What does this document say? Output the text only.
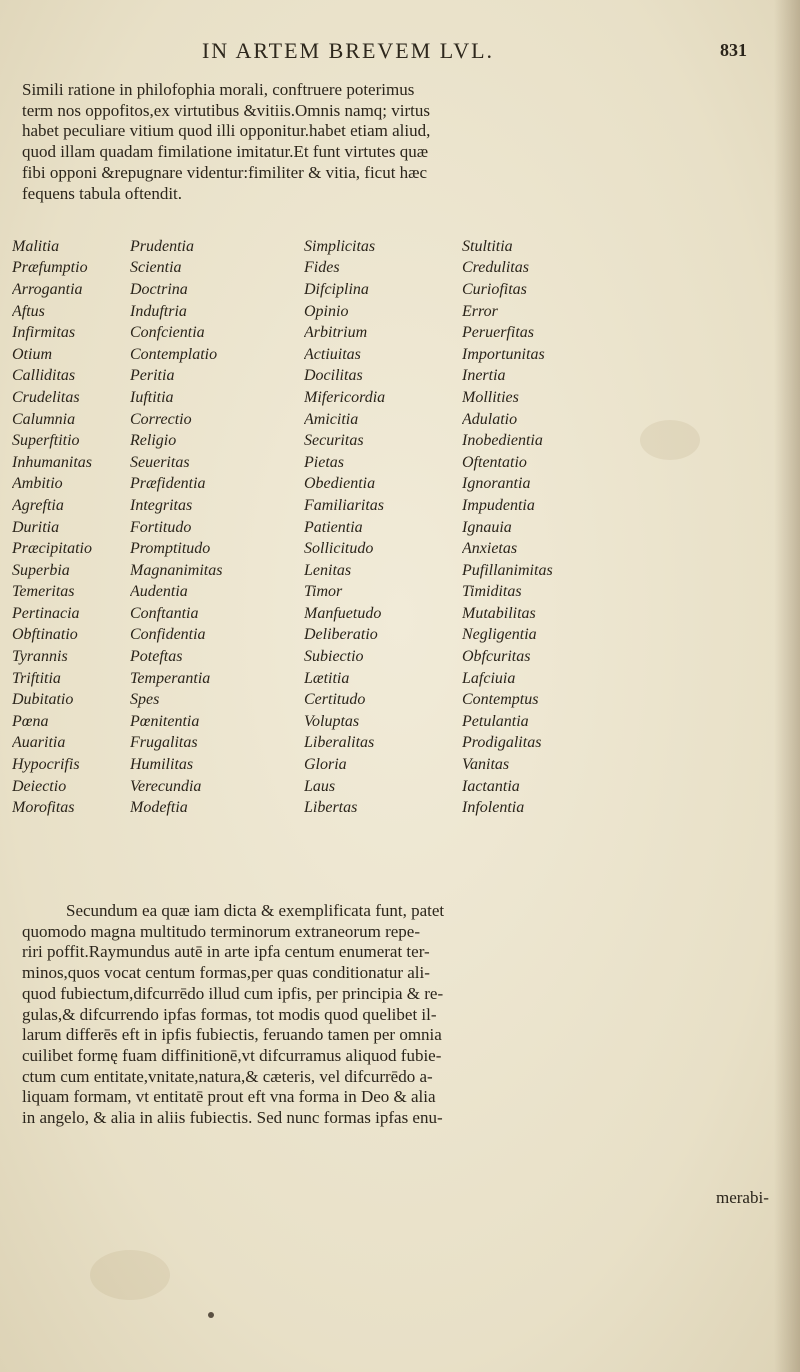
IN ARTEM BREVEM LVL.	831
Simili ratione in philofophia morali, conftruere poterimus
term nos oppofitos,ex virtutibus &vitiis.Omnis namq; virtus
habet peculiare vitium quod illi opponitur.habet etiam aliud,
quod illam quadam fimilatione imitatur.Et funt virtutes quæ
fibi opponi &repugnare videntur:fimiliter & vitia, ficut hæc
fequens tabula oftendit.
Malitia	Prudentia	Simplicitas	Stultitia
Præfumptio	Scientia	Fides	Credulitas
Arrogantia	Doctrina	Difciplina	Curiofitas
Aftus	Induftria	Opinio	Error
Infirmitas	Confcientia	Arbitrium	Peruerfitas
Otium	Contemplatio	Actiuitas	Importunitas
Calliditas	Peritia	Docilitas	Inertia
Crudelitas	Iuftitia	Mifericordia	Mollities
Calumnia	Correctio	Amicitia	Adulatio
Superftitio	Religio	Securitas	Inobedientia
Inhumanitas	Seueritas	Pietas	Oftentatio
Ambitio	Præfidentia	Obedientia	Ignorantia
Agreftia	Integritas	Familiaritas	Impudentia
Duritia	Fortitudo	Patientia	Ignauia
Præcipitatio	Promptitudo	Sollicitudo	Anxietas
Superbia	Magnanimitas	Lenitas	Pufillanimitas
Temeritas	Audentia	Timor	Timiditas
Pertinacia	Conftantia	Manfuetudo	Mutabilitas
Obftinatio	Confidentia	Deliberatio	Negligentia
Tyrannis	Poteftas	Subiectio	Obfcuritas
Triftitia	Temperantia	Lætitia	Lafciuia
Dubitatio	Spes	Certitudo	Contemptus
Pœna	Pœnitentia	Voluptas	Petulantia
Auaritia	Frugalitas	Liberalitas	Prodigalitas
Hypocrifis	Humilitas	Gloria	Vanitas
Deiectio	Verecundia	Laus	Iactantia
Morofitas	Modeftia	Libertas	Infolentia
Secundum ea quæ iam dicta & exemplificata funt, patet
quomodo magna multitudo terminorum extraneorum repe-
riri poffit.Raymundus autē in arte ipfa centum enumerat ter-
minos,quos vocat centum formas,per quas conditionatur ali-
quod fubiectum,difcurrēdo illud cum ipfis, per principia & re-
gulas,& difcurrendo ipfas formas, tot modis quod quelibet il-
larum differēs eft in ipfis fubiectis, feruando tamen per omnia
cuilibet formę fuam diffinitionē,vt difcurramus aliquod fubie-
ctum cum entitate,vnitate,natura,& cæteris, vel difcurrēdo a-
liquam formam, vt entitatē prout eft vna forma in Deo & alia
in angelo, & alia in aliis fubiectis. Sed nunc formas ipfas enu-
merabi-
